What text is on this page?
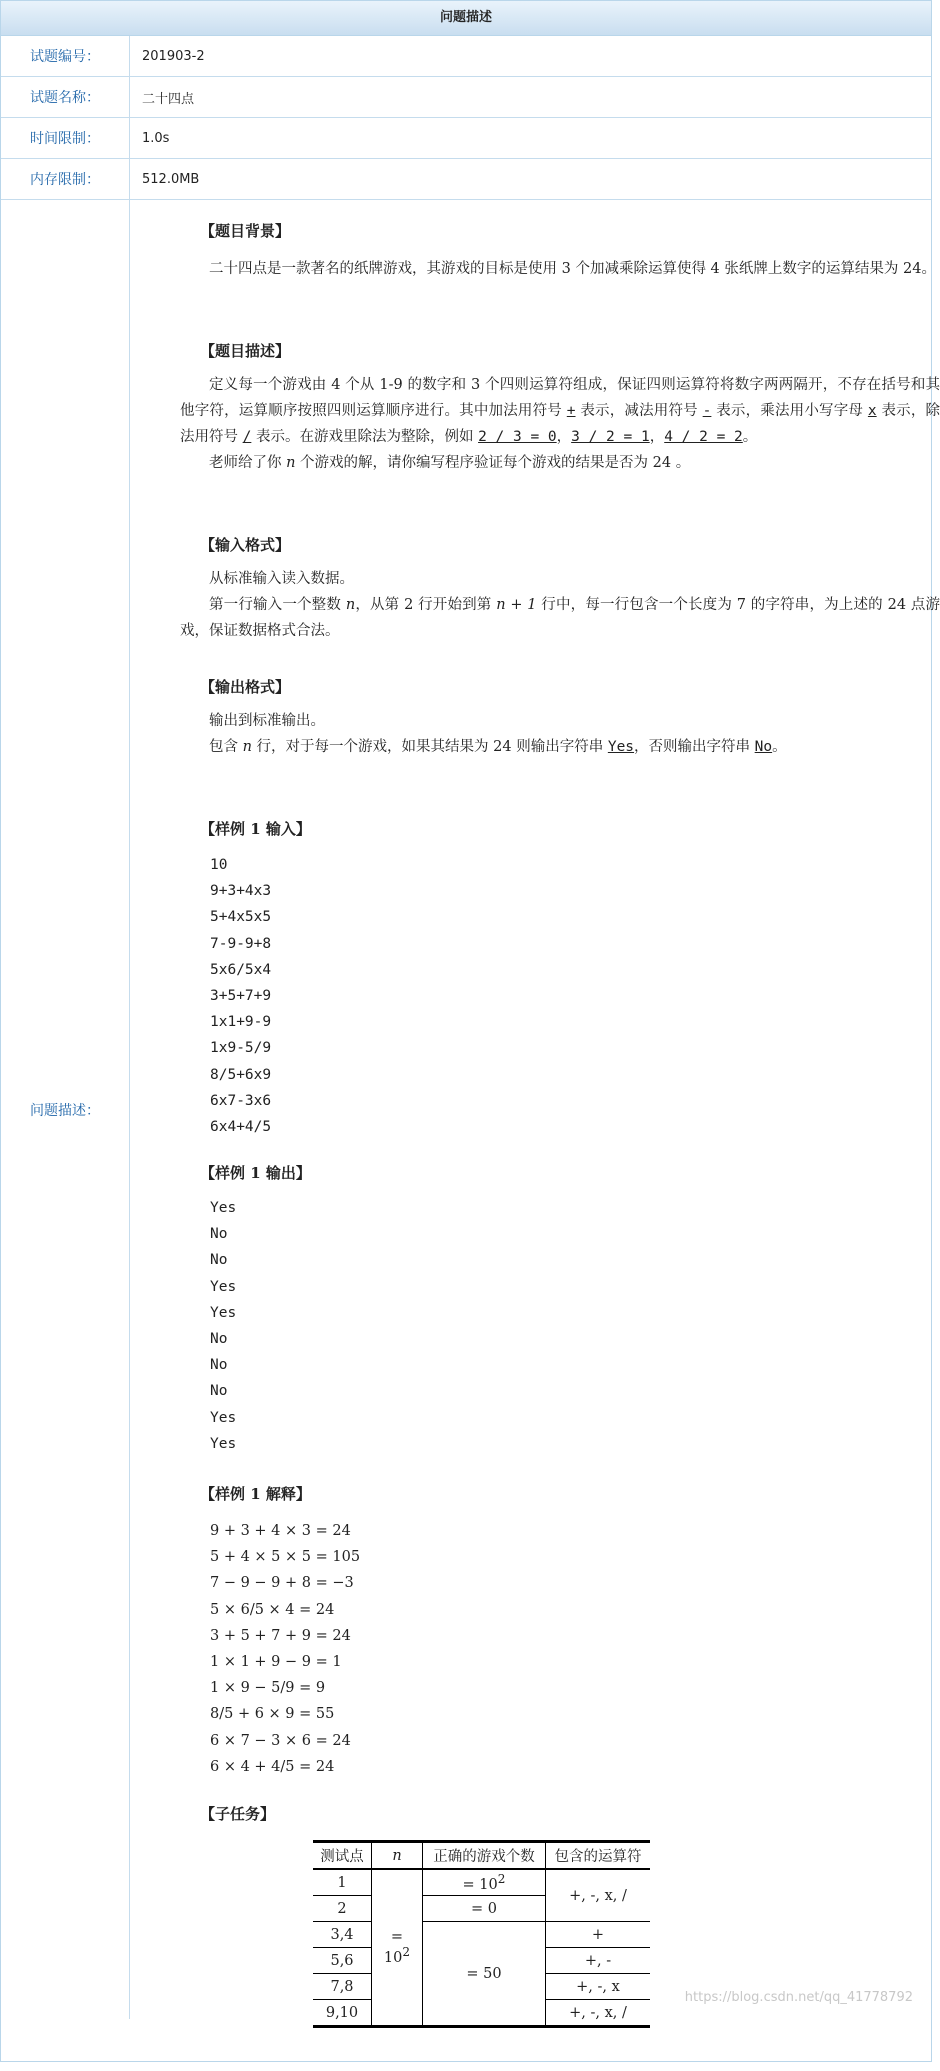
问题描述
试题编号：	201903-2
试题名称：	二十四点
时间限制：	1.0s
内存限制：	512.0MB
问题描述：
【题目背景】
二十四点是一款著名的纸牌游戏，其游戏的目标是使用 3 个加减乘除运算使得 4 张纸牌上数字的运算结果为 24。
【题目描述】
定义每一个游戏由 4 个从 1-9 的数字和 3 个四则运算符组成，保证四则运算符将数字两两隔开，不存在括号和其他字符，运算顺序按照四则运算顺序进行。其中加法用符号 + 表示，减法用符号 - 表示，乘法用小写字母 x 表示，除法用符号 / 表示。在游戏里除法为整除，例如 2 / 3 = 0，3 / 2 = 1，4 / 2 = 2。
老师给了你 n 个游戏的解，请你编写程序验证每个游戏的结果是否为 24 。
【输入格式】
从标准输入读入数据。
第一行输入一个整数 n，从第 2 行开始到第 n + 1 行中，每一行包含一个长度为 7 的字符串，为上述的 24 点游戏，保证数据格式合法。
【输出格式】
输出到标准输出。
包含 n 行，对于每一个游戏，如果其结果为 24 则输出字符串 Yes，否则输出字符串 No。
【样例 1 输入】
10
9+3+4x3
5+4x5x5
7-9-9+8
5x6/5x4
3+5+7+9
1x1+9-9
1x9-5/9
8/5+6x9
6x7-3x6
6x4+4/5
【样例 1 输出】
Yes
No
No
Yes
Yes
No
No
No
Yes
Yes
【样例 1 解释】
9 + 3 + 4 × 3 = 24
5 + 4 × 5 × 5 = 105
7 − 9 − 9 + 8 = −3
5 × 6/5 × 4 = 24
3 + 5 + 7 + 9 = 24
1 × 1 + 9 − 9 = 1
1 × 9 − 5/9 = 9
8/5 + 6 × 9 = 55
6 × 7 − 3 × 6 = 24
6 × 4 + 4/5 = 24
【子任务】
测试点	n	正确的游戏个数	包含的运算符
1	= $10^2$	= $10^2$	+, -, x, /
2		= 0	
3,4		= 50	+
5,6			+, -
7,8			+, -, x
9,10			+, -, x, /
https://blog.csdn.net/qq_41778792
